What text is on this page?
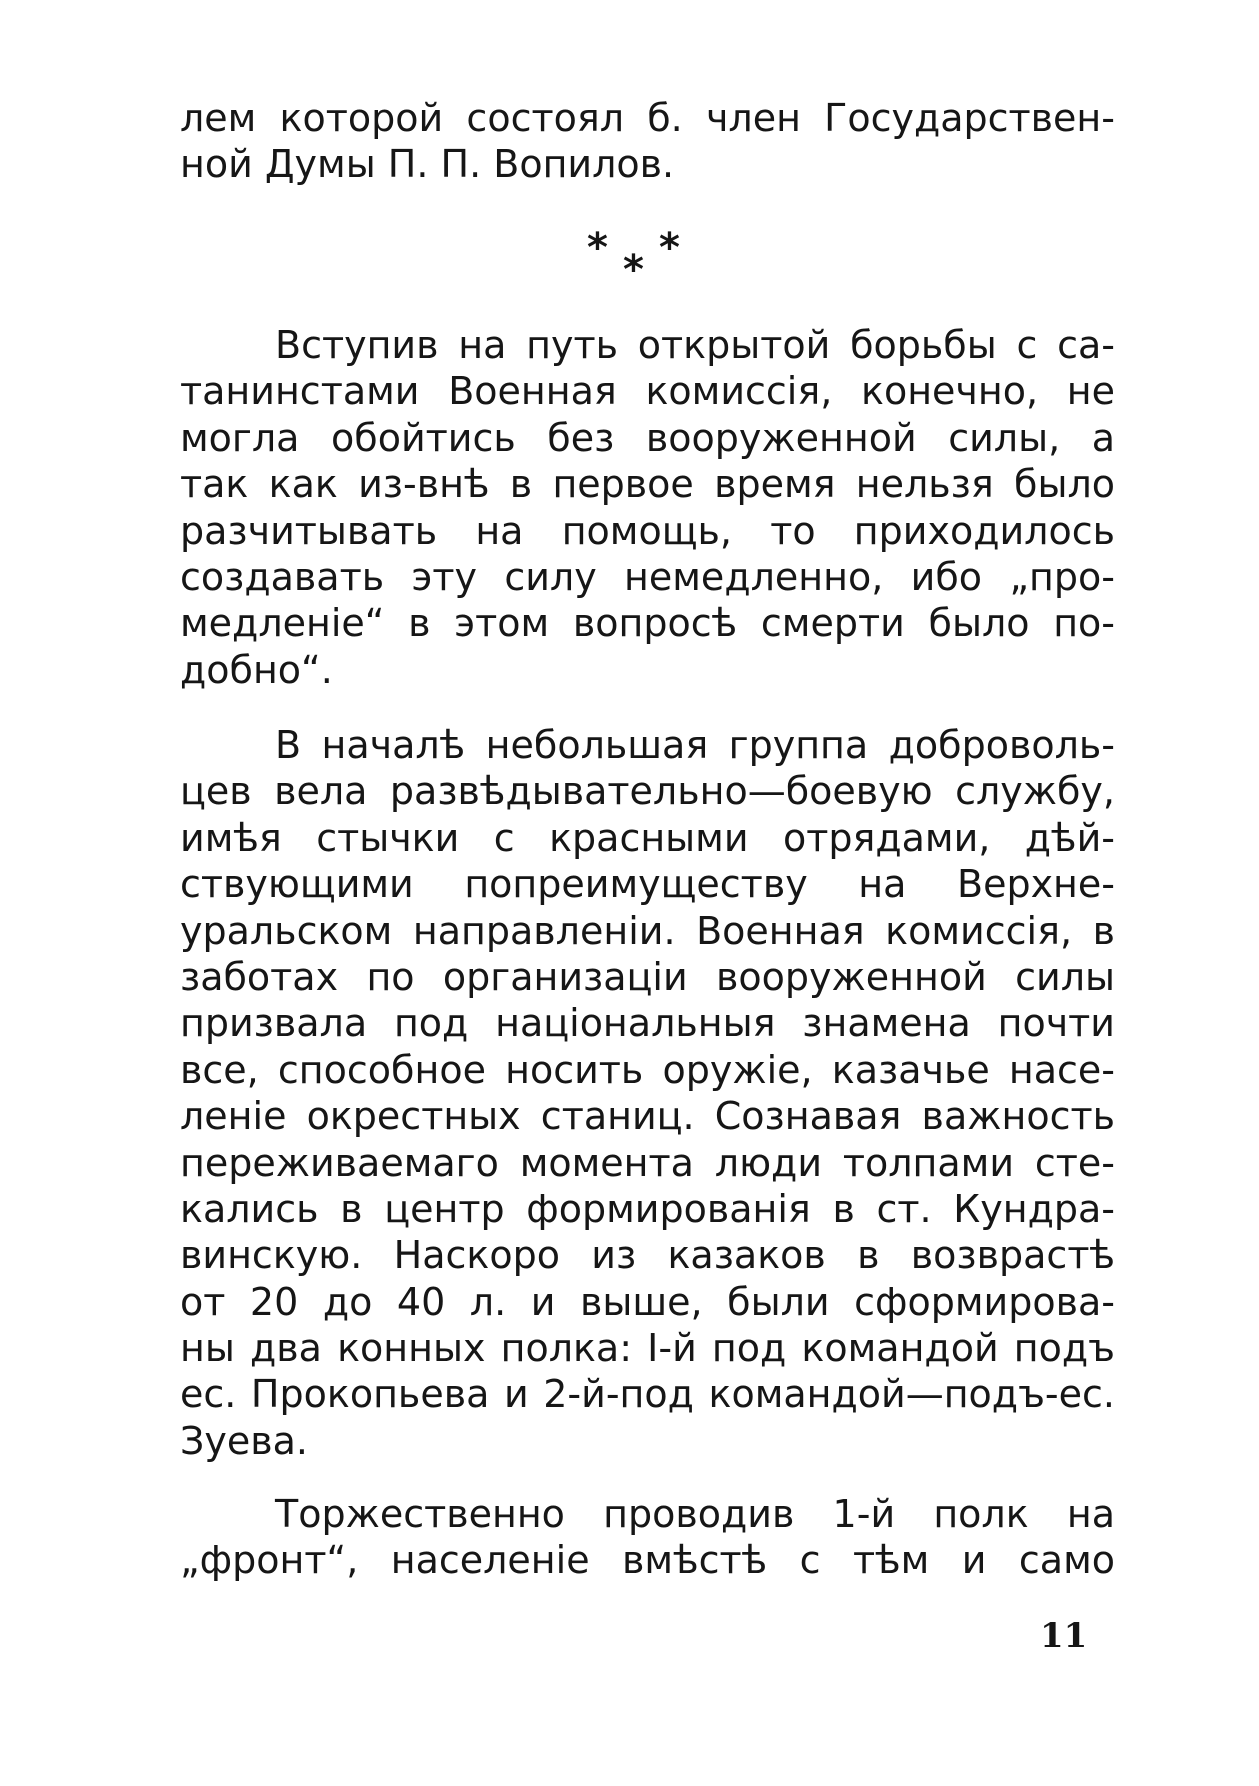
лем которой состоял б. член Государствен-
ной Думы П. П. Вопилов.
* * *
Вступив на путь открытой борьбы с са-
танинстами Военная комиссія, конечно, не
могла обойтись без вооруженной силы, а
так как из-внѣ в первое время нельзя было
разчитывать на помощь, то приходилось
создавать эту силу немедленно, ибо „про-
медленіе“ в этом вопросѣ смерти было по-
добно“.
В началѣ небольшая группа доброволь-
цев вела развѣдывательно—боевую службу,
имѣя стычки с красными отрядами, дѣй-
ствующими попреимуществу на Верхне-
уральском направленіи. Военная комиссія, в
заботах по организаціи вооруженной силы
призвала под національныя знамена почти
все, способное носить оружіе, казачье насе-
леніе окрестных станиц. Сознавая важность
переживаемаго момента люди толпами сте-
кались в центр формированія в ст. Кундра-
винскую. Наскоро из казаков в возврастѣ
от 20 до 40 л. и выше, были сформирова-
ны два конных полка: I-й под командой подъ
ес. Прокопьева и 2-й-под командой—подъ-ес.
Зуева.
Торжественно проводив 1-й полк на
„фронт“, населеніе вмѣстѣ с тѣм и само
11
